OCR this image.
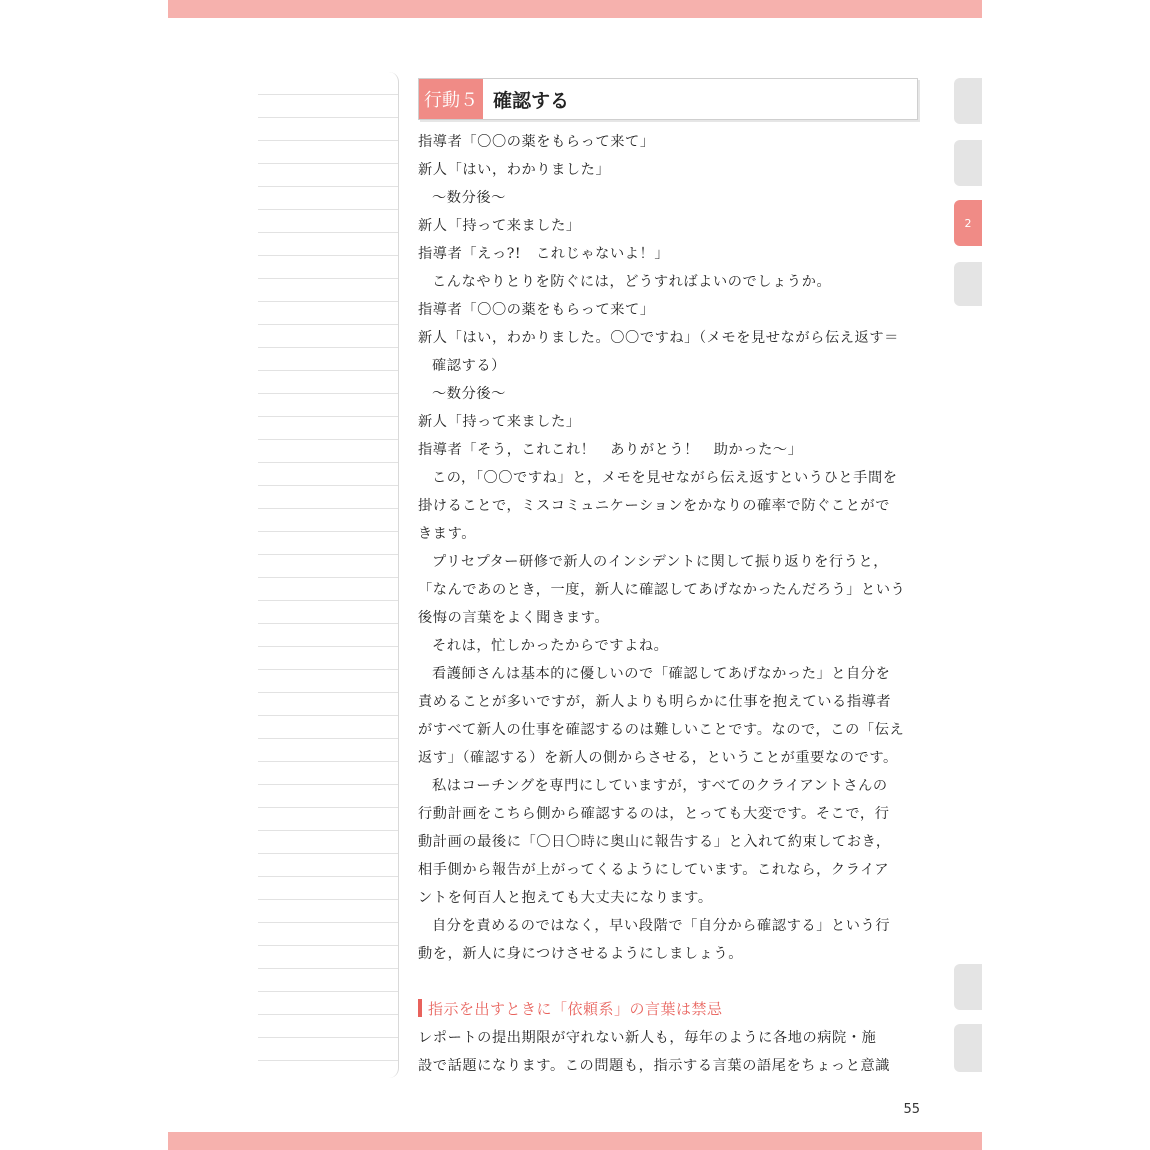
行動５ 確認する

指導者「〇〇の薬をもらって来て」

新人「はい，わかりました」

〜数分後〜

新人「持って来ました」

指導者「えっ?!　これじゃないよ！」

こんなやりとりを防ぐには，どうすればよいのでしょうか。

指導者「〇〇の薬をもらって来て」

新人「はい，わかりました。〇〇ですね」（メモを見せながら伝え返す＝

確認する）

〜数分後〜

新人「持って来ました」

指導者「そう，これこれ！　ありがとう！　助かった〜」

この，「〇〇ですね」と，メモを見せながら伝え返すというひと手間を

掛けることで，ミスコミュニケーションをかなりの確率で防ぐことがで

きます。

プリセプター研修で新人のインシデントに関して振り返りを行うと，

「なんであのとき，一度，新人に確認してあげなかったんだろう」という

後悔の言葉をよく聞きます。

それは，忙しかったからですよね。

看護師さんは基本的に優しいので「確認してあげなかった」と自分を

責めることが多いですが，新人よりも明らかに仕事を抱えている指導者

がすべて新人の仕事を確認するのは難しいことです。なので，この「伝え

返す」（確認する）を新人の側からさせる，ということが重要なのです。

私はコーチングを専門にしていますが，すべてのクライアントさんの

行動計画をこちら側から確認するのは，とっても大変です。そこで，行

動計画の最後に「〇日〇時に奥山に報告する」と入れて約束しておき，

相手側から報告が上がってくるようにしています。これなら，クライア

ントを何百人と抱えても大丈夫になります。

自分を責めるのではなく，早い段階で「自分から確認する」という行

動を，新人に身につけさせるようにしましょう。

指示を出すときに「依頼系」の言葉は禁忌

レポートの提出期限が守れない新人も，毎年のように各地の病院・施

設で話題になります。この問題も，指示する言葉の語尾をちょっと意識

55
2
